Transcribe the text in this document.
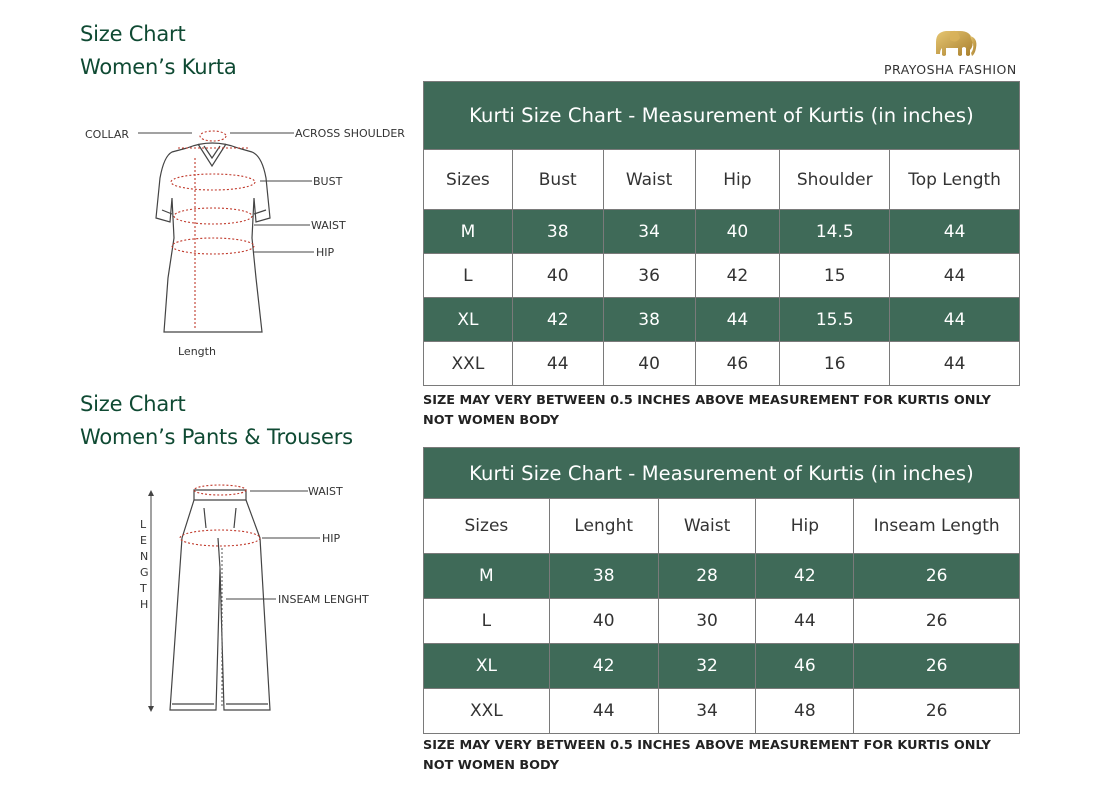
Size Chart
Women’s Kurta
Size Chart
Women’s Pants & Trousers
PRAYOSHA FASHION
COLLAR	ACROSS SHOULDER
BUST
WAIST
HIP
Length
WAIST
HIP
INSEAM LENGHT
L
E
N
G
T
H
Kurti Size Chart - Measurement of Kurtis (in inches)					
Sizes	Bust	Waist	Hip	Shoulder	Top Length
M	38	34	40	14.5	44
L	40	36	42	15	44
XL	42	38	44	15.5	44
XXL	44	40	46	16	44
SIZE MAY VERY BETWEEN 0.5 INCHES ABOVE MEASUREMENT FOR KURTIS ONLY
NOT WOMEN BODY
Kurti Size Chart - Measurement of Kurtis (in inches)				
Sizes	Lenght	Waist	Hip	Inseam Length
M	38	28	42	26
L	40	30	44	26
XL	42	32	46	26
XXL	44	34	48	26
SIZE MAY VERY BETWEEN 0.5 INCHES ABOVE MEASUREMENT FOR KURTIS ONLY
NOT WOMEN BODY
